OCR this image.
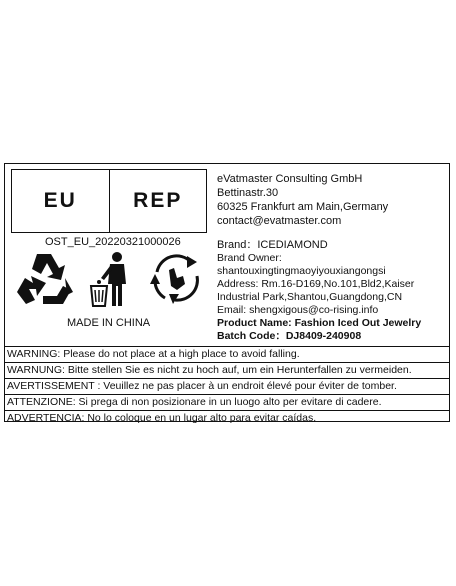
EU	REP
eVatmaster Consulting GmbH
Bettinastr.30
60325 Frankfurt am Main,Germany
contact@evatmaster.com
OST_EU_20220321000026	Brand：ICEDIAMOND
Brand Owner:
shantouxingtingmaoyiyouxiangongsi
Address: Rm.16-D169,No.101,Bld2,Kaiser
Industrial Park,Shantou,Guangdong,CN
Email: shengxigous@co-rising.info
Product Name: Fashion Iced Out Jewelry
Batch Code：DJ8409-240908
MADE IN CHINA
WARNING: Please do not place at a high place to avoid falling.
WARNUNG: Bitte stellen Sie es nicht zu hoch auf, um ein Herunterfallen zu vermeiden.
AVERTISSEMENT : Veuillez ne pas placer à un endroit élevé pour éviter de tomber.
ATTENZIONE: Si prega di non posizionare in un luogo alto per evitare di cadere.
ADVERTENCIA: No lo coloque en un lugar alto para evitar caídas.
